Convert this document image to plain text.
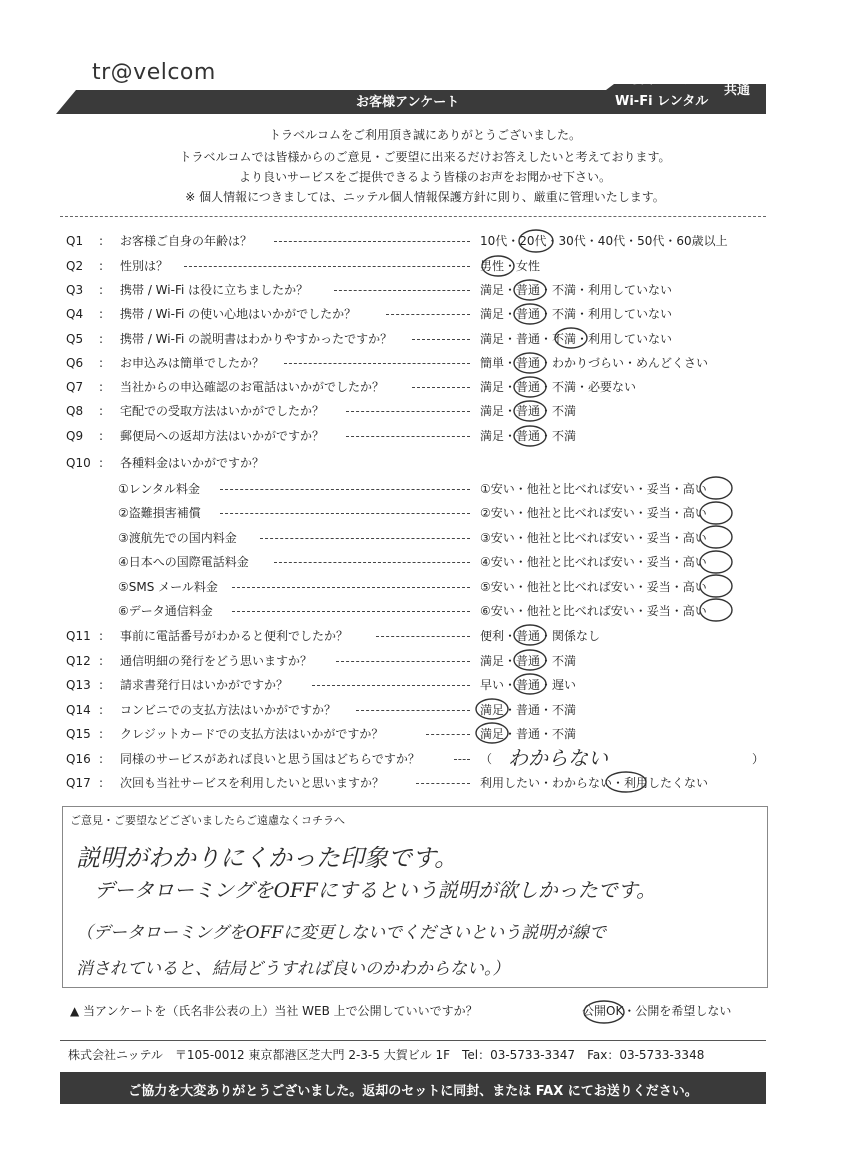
tr@velcom
お客様アンケート
携帯レンタル
Wi-Fi レンタル
共通
トラベルコムをご利用頂き誠にありがとうございました。
トラベルコムでは皆様からのご意見・ご要望に出来るだけお答えしたいと考えております。
より良いサービスをご提供できるよう皆様のお声をお聞かせ下さい。
※ 個人情報につきましては、ニッテル個人情報保護方針に則り、厳重に管理いたします。
Q1	: お客様ご自身の年齢は？	10代・20代・30代・40代・50代・60歳以上
Q2	: 性別は？	男性・女性
Q3	: 携帯 / Wi-Fi は役に立ちましたか？	満足・普通・不満・利用していない
Q4	: 携帯 / Wi-Fi の使い心地はいかがでしたか？	満足・普通・不満・利用していない
Q5	: 携帯 / Wi-Fi の説明書はわかりやすかったですか？	満足・普通・不満・利用していない
Q6	: お申込みは簡単でしたか？	簡単・普通・わかりづらい・めんどくさい
Q7	: 当社からの申込確認のお電話はいかがでしたか？	満足・普通・不満・必要ない
Q8	: 宅配での受取方法はいかがでしたか？	満足・普通・不満
Q9	: 郵便局への返却方法はいかがですか？	満足・普通・不満
Q10 : 各種料金はいかがですか？
①レンタル料金	①安い・他社と比べれば安い・妥当・高い
②盗難損害補償	②安い・他社と比べれば安い・妥当・高い
③渡航先での国内料金	③安い・他社と比べれば安い・妥当・高い
④日本への国際電話料金	④安い・他社と比べれば安い・妥当・高い
⑤SMS メール料金	⑤安い・他社と比べれば安い・妥当・高い
⑥データ通信料金	⑥安い・他社と比べれば安い・妥当・高い
Q11 : 事前に電話番号がわかると便利でしたか？	便利・普通・関係なし
Q12 : 通信明細の発行をどう思いますか？	満足・普通・不満
Q13 : 請求書発行日はいかがですか？	早い・普通・遅い
Q14 : コンビニでの支払方法はいかがですか？	満足・普通・不満
Q15 : クレジットカードでの支払方法はいかがですか？	満足・普通・不満
Q16 : 同様のサービスがあれば良いと思う国はどちらですか？	（ わからない	）
Q17 : 次回も当社サービスを利用したいと思いますか？	利用したい・わからない・利用したくない
ご意見・ご要望などございましたらご遠慮なくコチラへ
説明がわかりにくかった印象です。
データローミングをOFFにするという説明が欲しかったです。
（データローミングをOFFに変更しないでくださいという説明が線で
消されていると、結局どうすれば良いのかわからない。）
▲ 当アンケートを（氏名非公表の上）当社 WEB 上で公開していいですか？	公開OK・公開を希望しない
株式会社ニッテル　〒105-0012 東京都港区芝大門 2-3-5 大賀ビル 1F　Tel：03-5733-3347　Fax：03-5733-3348
ご協力を大変ありがとうございました。返却のセットに同封、または FAX にてお送りください。
